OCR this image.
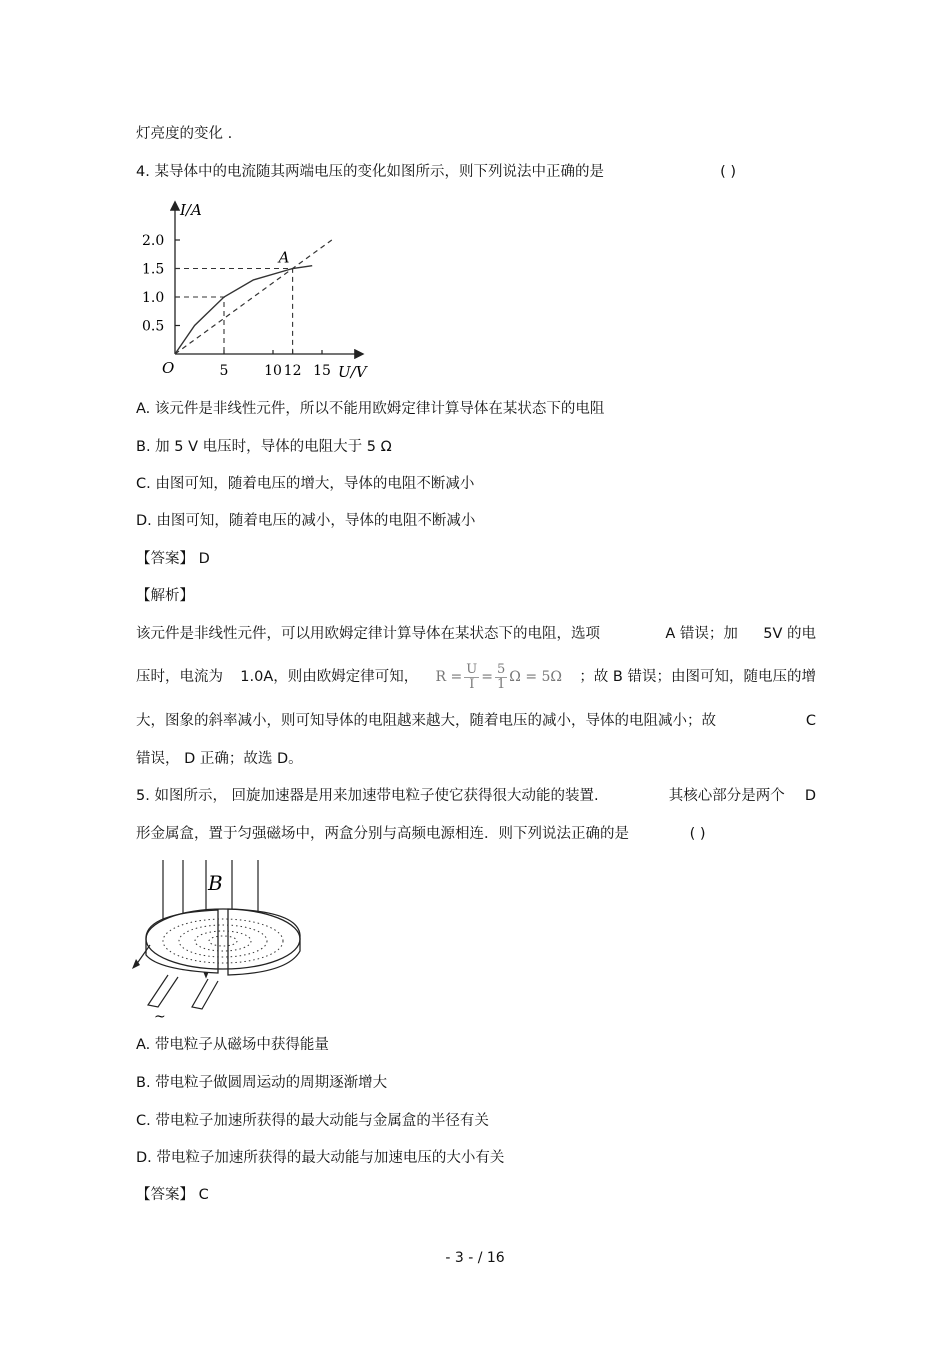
灯亮度的变化 .
4. 某导体中的电流随其两端电压的变化如图所示，则下列说法中正确的是	( )
0.5
1.0
1.5
2.0
5	10 12 15
I/A
U/V
O
A
A. 该元件是非线性元件，所以不能用欧姆定律计算导体在某状态下的电阻
B. 加 5 V 电压时，导体的电阻大于 5 Ω
C. 由图可知，随着电压的增大，导体的电阻不断减小
D. 由图可知，随着电压的减小，导体的电阻不断减小
【答案】 D
【解析】
该元件是非线性元件，可以用欧姆定律计算导体在某状态下的电阻，选项	A 错误；加 5V 的电
压时，电流为 1.0A，则由欧姆定律可知， $R = \frac{U}{I} = \frac{5}{1}$ Ω = 5Ω ；故 B 错误；由图可知，随电压的增
大，图象的斜率减小，则可知导体的电阻越来越大，随着电压的减小，导体的电阻减小；故	C
错误， D 正确；故选 D。
5. 如图所示， 回旋加速器是用来加速带电粒子使它获得很大动能的装置.	其核心部分是两个 D
形金属盒，置于匀强磁场中，两盒分别与高频电源相连．则下列说法正确的是	( )
B
~
A. 带电粒子从磁场中获得能量
B. 带电粒子做圆周运动的周期逐渐增大
C. 带电粒子加速所获得的最大动能与金属盒的半径有关
D. 带电粒子加速所获得的最大动能与加速电压的大小有关
【答案】 C
- 3 - / 16
